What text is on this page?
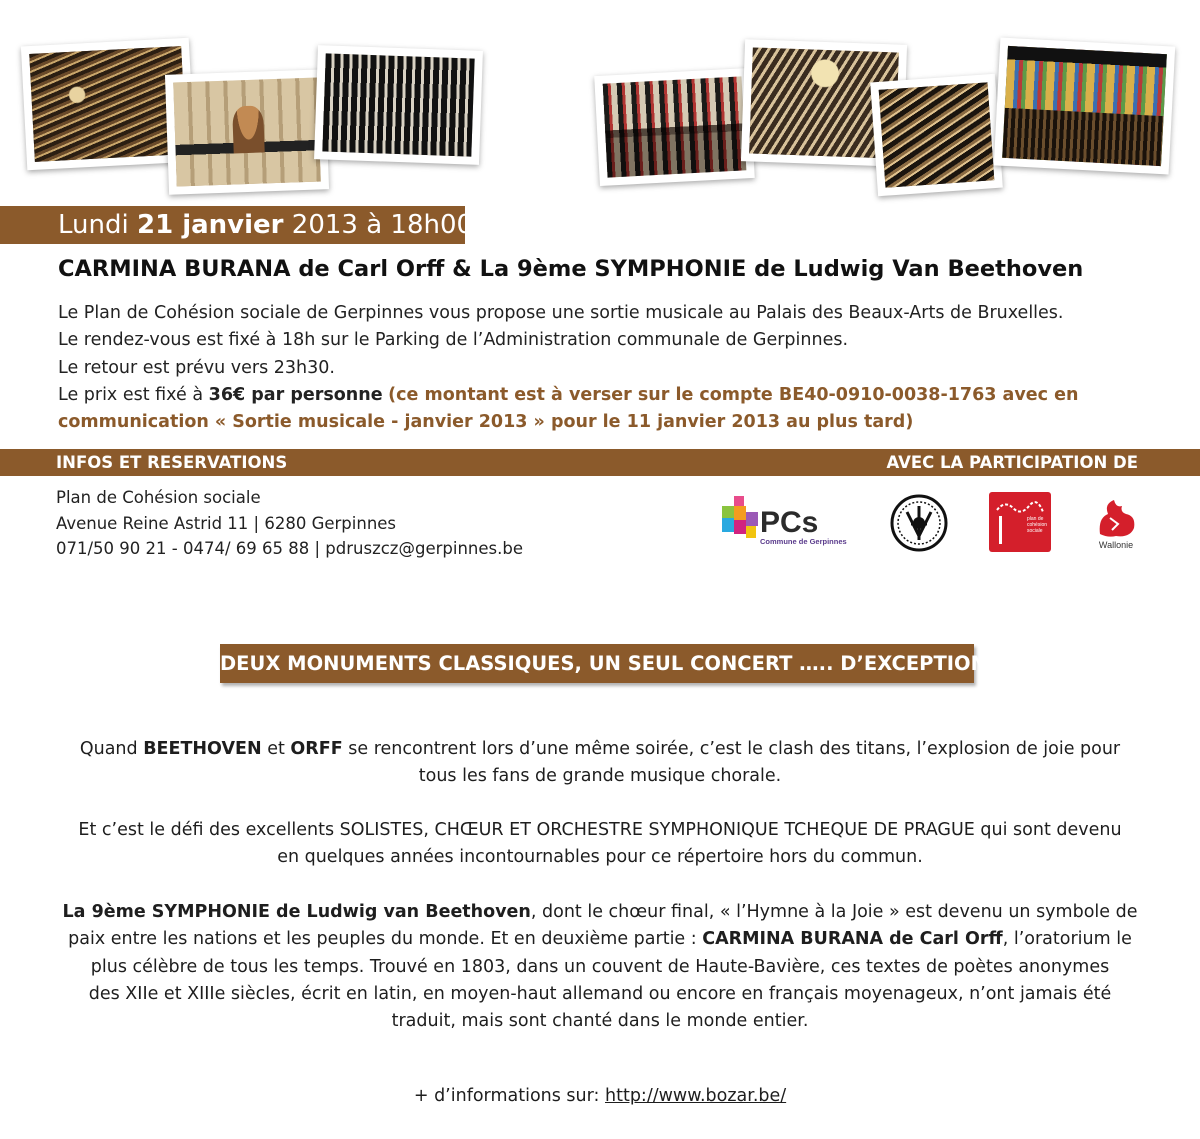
Lundi 21 janvier 2013 à 18h00
CARMINA BURANA de Carl Orff & La 9ème SYMPHONIE de Ludwig Van Beethoven

Le Plan de Cohésion sociale de Gerpinnes vous propose une sortie musicale au Palais des Beaux-Arts de Bruxelles.

Le rendez-vous est fixé à 18h sur le Parking de l’Administration communale de Gerpinnes.

Le retour est prévu vers 23h30.

Le prix est fixé à 36€ par personne (ce montant est à verser sur le compte BE40-0910-0038-1763 avec en

communication « Sortie musicale - janvier 2013 » pour le 11 janvier 2013 au plus tard)

INFOS ET RESERVATIONS	AVEC LA PARTICIPATION DE
Plan de Cohésion sociale
Avenue Reine Astrid 11 | 6280 Gerpinnes
071/50 90 21 - 0474/ 69 65 88 | pdruszcz@gerpinnes.be
PCs
Commune de Gerpinnes
plan de cohésion sociale
Wallonie
DEUX MONUMENTS CLASSIQUES, UN SEUL CONCERT ….. D’EXCEPTION !

Quand BEETHOVEN et ORFF se rencontrent lors d’une même soirée, c’est le clash des titans, l’explosion de joie pour

tous les fans de grande musique chorale.

Et c’est le défi des excellents SOLISTES, CHŒUR ET ORCHESTRE SYMPHONIQUE TCHEQUE DE PRAGUE qui sont devenu

en quelques années incontournables pour ce répertoire hors du commun.

La 9ème SYMPHONIE de Ludwig van Beethoven, dont le chœur final, « l’Hymne à la Joie » est devenu un symbole de

paix entre les nations et les peuples du monde. Et en deuxième partie : CARMINA BURANA de Carl Orff, l’oratorium le

plus célèbre de tous les temps. Trouvé en 1803, dans un couvent de Haute-Bavière, ces textes de poètes anonymes

des XIIe et XIIIe siècles, écrit en latin, en moyen-haut allemand ou encore en français moyenageux, n’ont jamais été

traduit, mais sont chanté dans le monde entier.

+ d’informations sur: http://www.bozar.be/
